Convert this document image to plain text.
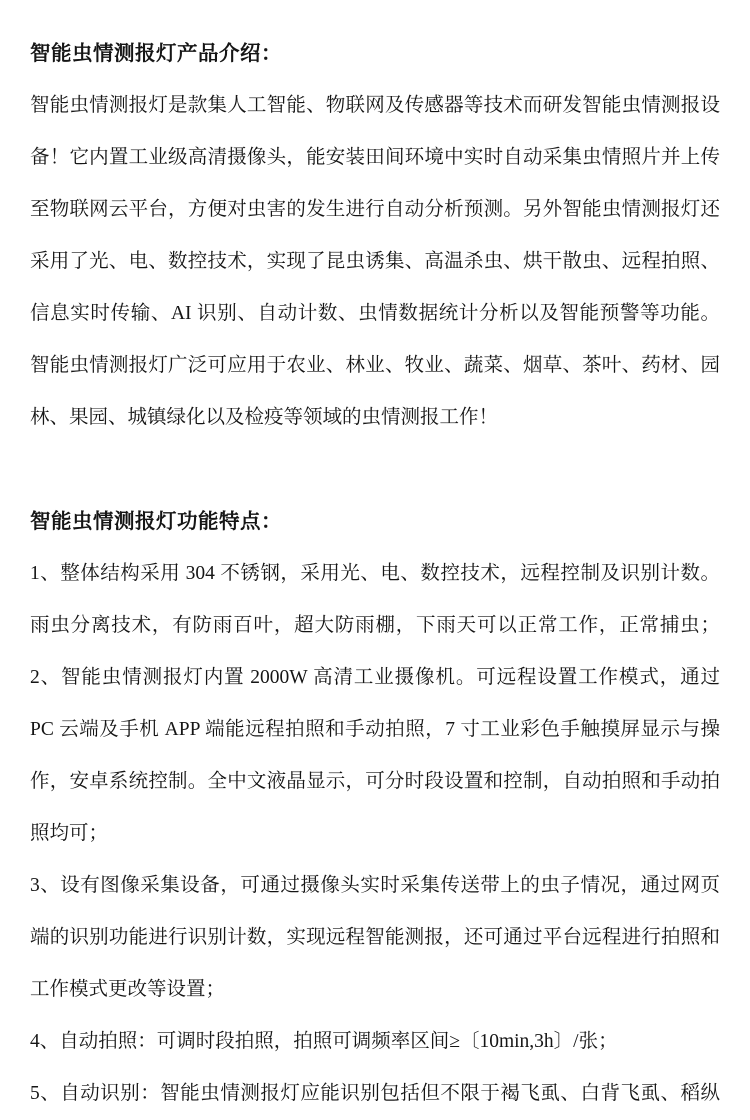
智能虫情测报灯产品介绍：
智能虫情测报灯是款集人工智能、物联网及传感器等技术而研发智能虫情测报设
备！它内置工业级高清摄像头，能安装田间环境中实时自动采集虫情照片并上传
至物联网云平台，方便对虫害的发生进行自动分析预测。另外智能虫情测报灯还
采用了光、电、数控技术，实现了昆虫诱集、高温杀虫、烘干散虫、远程拍照、
信息实时传输、AI 识别、自动计数、虫情数据统计分析以及智能预警等功能。
智能虫情测报灯广泛可应用于农业、林业、牧业、蔬菜、烟草、茶叶、药材、园
林、果园、城镇绿化以及检疫等领域的虫情测报工作！
智能虫情测报灯功能特点：
1、整体结构采用 304 不锈钢，采用光、电、数控技术，远程控制及识别计数。
雨虫分离技术，有防雨百叶，超大防雨棚，下雨天可以正常工作，正常捕虫；
2、智能虫情测报灯内置 2000W 高清工业摄像机。可远程设置工作模式，通过
PC 云端及手机 APP 端能远程拍照和手动拍照，7 寸工业彩色手触摸屏显示与操
作，安卓系统控制。全中文液晶显示，可分时段设置和控制，自动拍照和手动拍
照均可；
3、设有图像采集设备，可通过摄像头实时采集传送带上的虫子情况，通过网页
端的识别功能进行识别计数，实现远程智能测报，还可通过平台远程进行拍照和
工作模式更改等设置；
4、自动拍照：可调时段拍照，拍照可调频率区间≥〔10min,3h〕/张；
5、自动识别：智能虫情测报灯应能识别包括但不限于褐飞虱、白背飞虱、稻纵
